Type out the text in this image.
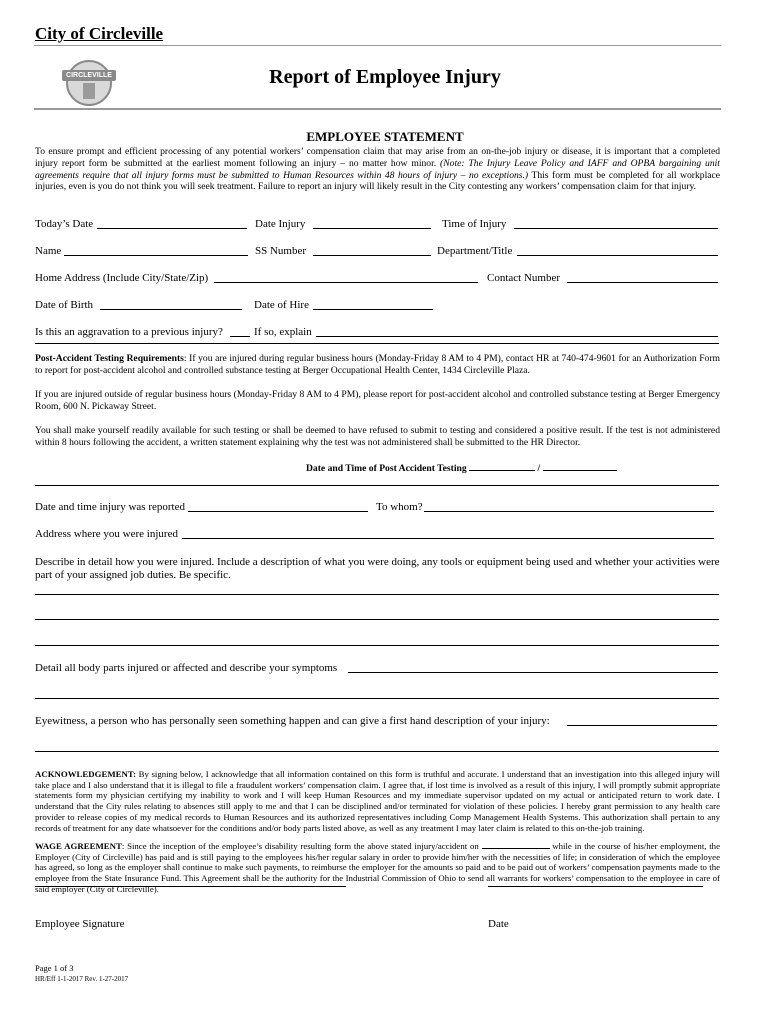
City of Circleville
CIRCLEVILLE	Report of Employee Injury
EMPLOYEE STATEMENT
To ensure prompt and efficient processing of any potential workers’ compensation claim that may arise from an on-the-job injury or disease, it is important that a completed injury report form be submitted at the earliest moment following an injury – no matter how minor. (Note: The Injury Leave Policy and IAFF and OPBA bargaining unit agreements require that all injury forms must be submitted to Human Resources within 48 hours of injury – no exceptions.) This form must be completed for all workplace injuries, even is you do not think you will seek treatment. Failure to report an injury will likely result in the City contesting any workers’ compensation claim for that injury.
Today’s Date	Date Injury	Time of Injury
Name	SS Number	Department/Title
Home Address (Include City/State/Zip)	Contact Number
Date of Birth	Date of Hire
Is this an aggravation to a previous injury?	If so, explain
Post-Accident Testing Requirements: If you are injured during regular business hours (Monday-Friday 8 AM to 4 PM), contact HR at 740-474-9601 for an Authorization Form to report for post-accident alcohol and controlled substance testing at Berger Occupational Health Center, 1434 Circleville Plaza.
If you are injured outside of regular business hours (Monday-Friday 8 AM to 4 PM), please report for post-accident alcohol and controlled substance testing at Berger Emergency Room, 600 N. Pickaway Street.
You shall make yourself readily available for such testing or shall be deemed to have refused to submit to testing and considered a positive result. If the test is not administered within 8 hours following the accident, a written statement explaining why the test was not administered shall be submitted to the HR Director.
Date and Time of Post Accident Testing	/
Date and time injury was reported	To whom?
Address where you were injured
Describe in detail how you were injured. Include a description of what you were doing, any tools or equipment being used and whether your activities were part of your assigned job duties. Be specific.
Detail all body parts injured or affected and describe your symptoms
Eyewitness, a person who has personally seen something happen and can give a first hand description of your injury:
ACKNOWLEDGEMENT: By signing below, I acknowledge that all information contained on this form is truthful and accurate. I understand that an investigation into this alleged injury will take place and I also understand that it is illegal to file a fraudulent workers’ compensation claim. I agree that, if lost time is involved as a result of this injury, I will promptly submit appropriate statements form my physician certifying my inability to work and I will keep Human Resources and my immediate supervisor updated on my actual or anticipated return to work date. I understand that the City rules relating to absences still apply to me and that I can be disciplined and/or terminated for violation of these policies. I hereby grant permission to any health care provider to release copies of my medical records to Human Resources and its authorized representatives including Comp Management Health Systems. This authorization shall pertain to any records of treatment for any date whatsoever for the conditions and/or body parts listed above, as well as any treatment I may later claim is related to this on-the-job training.
WAGE AGREEMENT: Since the inception of the employee’s disability resulting form the above stated injury/accident on	while in the course of his/her employment, the Employer (City of Circleville) has paid and is still paying to the employees his/her regular salary in order to provide him/her with the necessities of life; in consideration of which the employee has agreed, so long as the employer shall continue to make such payments, to reimburse the employer for the amounts so paid and to be paid out of workers’ compensation payments made to the employee from the State Insurance Fund. This Agreement shall be the authority for the Industrial Commission of Ohio to send all warrants for workers’ compensation to the employee in care of said employer (City of Circleville).
Employee Signature	Date
Page 1 of 3
HR/Eff 1-1-2017 Rev. 1-27-2017
